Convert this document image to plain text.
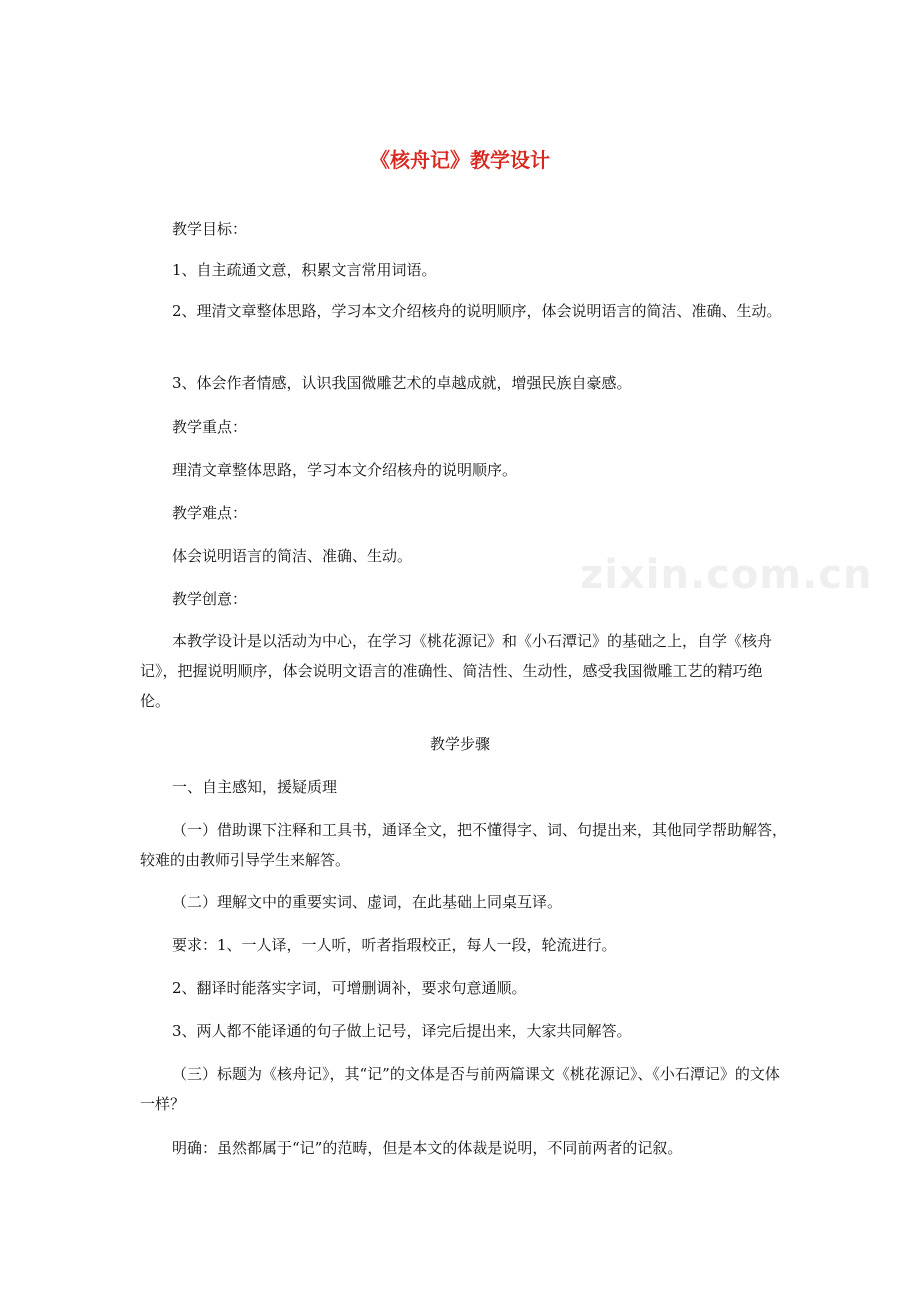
《核舟记》教学设计
zixin.com.cn

教学目标：

1、自主疏通文意，积累文言常用词语。

2、理清文章整体思路，学习本文介绍核舟的说明顺序，体会说明语言的简洁、准确、生动。

3、体会作者情感，认识我国微雕艺术的卓越成就，增强民族自豪感。

教学重点：

理清文章整体思路，学习本文介绍核舟的说明顺序。

教学难点：

体会说明语言的简洁、准确、生动。

教学创意：

本教学设计是以活动为中心，在学习《桃花源记》和《小石潭记》的基础之上，自学《核舟记》，把握说明顺序，体会说明文语言的准确性、简洁性、生动性，感受我国微雕工艺的精巧绝伦。

教学步骤

一、自主感知，援疑质理

（一）借助课下注释和工具书，通译全文，把不懂得字、词、句提出来，其他同学帮助解答，较难的由教师引导学生来解答。

（二）理解文中的重要实词、虚词，在此基础上同桌互译。

要求：1、一人译，一人听，听者指瑕校正，每人一段，轮流进行。

2、翻译时能落实字词，可增删调补，要求句意通顺。

3、两人都不能译通的句子做上记号，译完后提出来，大家共同解答。

（三）标题为《核舟记》，其“记”的文体是否与前两篇课文《桃花源记》、《小石潭记》的文体一样？

明确：虽然都属于“记”的范畴，但是本文的体裁是说明，不同前两者的记叙。
